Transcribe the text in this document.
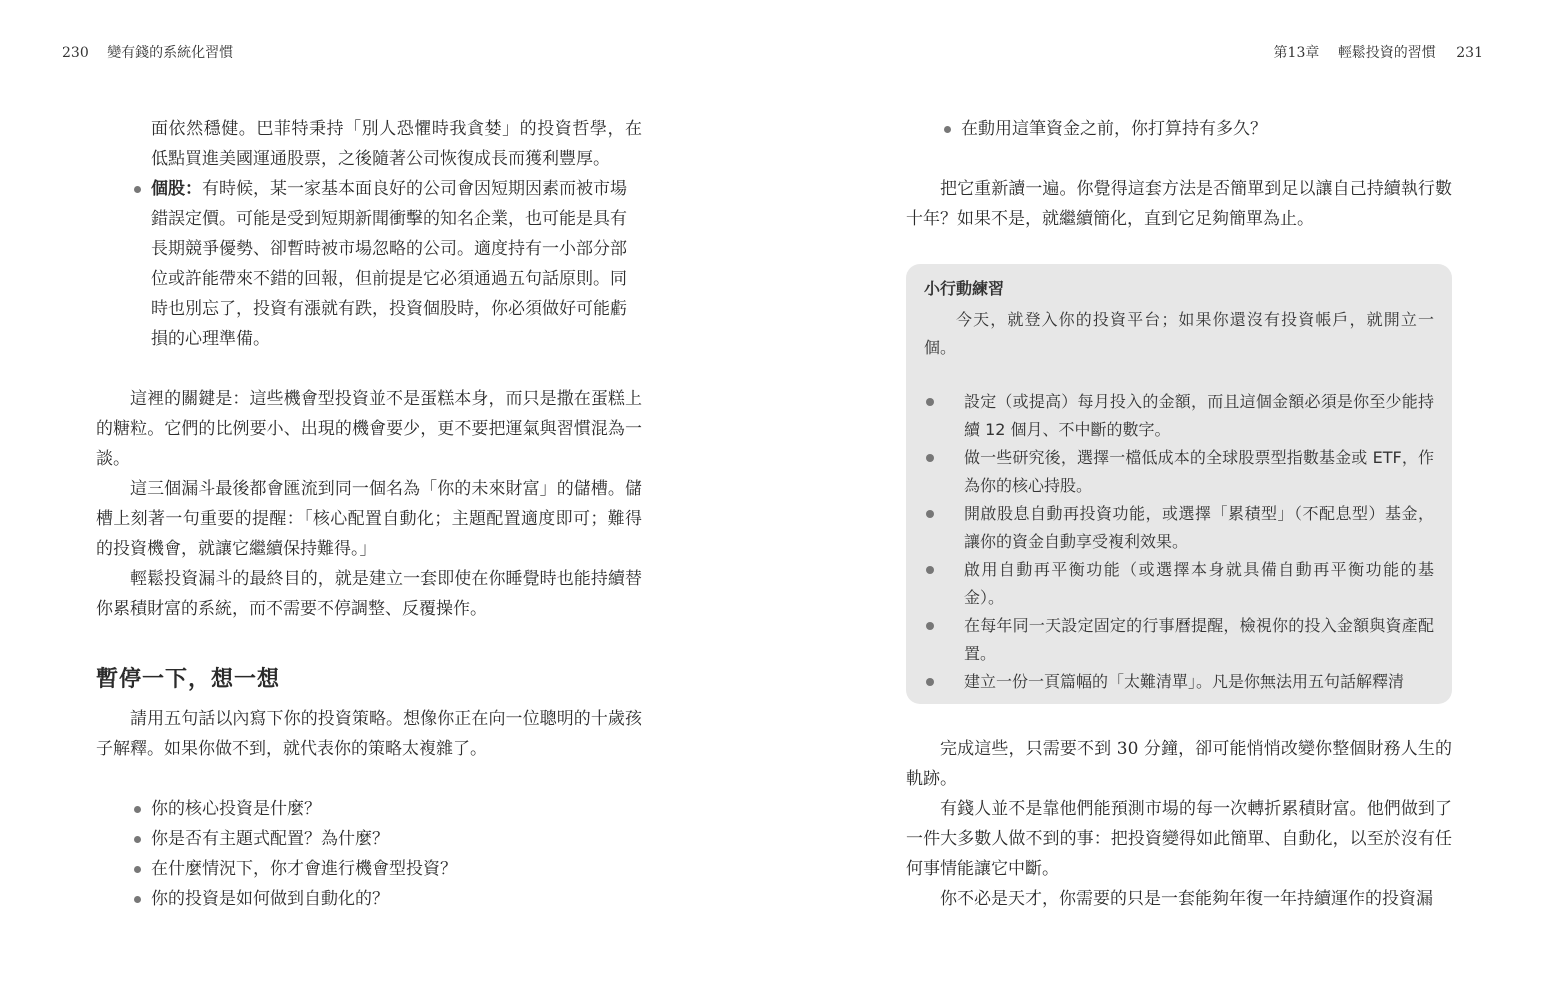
230 變有錢的系統化習慣

面依然穩健。巴菲特秉持「別人恐懼時我貪婪」的投資哲學，在低點買進美國運通股票，之後隨著公司恢復成長而獲利豐厚。

個股：有時候，某一家基本面良好的公司會因短期因素而被市場錯誤定價。可能是受到短期新聞衝擊的知名企業，也可能是具有長期競爭優勢、卻暫時被市場忽略的公司。適度持有一小部分部位或許能帶來不錯的回報，但前提是它必須通過五句話原則。同時也別忘了，投資有漲就有跌，投資個股時，你必須做好可能虧損的心理準備。

這裡的關鍵是：這些機會型投資並不是蛋糕本身，而只是撒在蛋糕上的糖粒。它們的比例要小、出現的機會要少，更不要把運氣與習慣混為一談。

這三個漏斗最後都會匯流到同一個名為「你的未來財富」的儲槽。儲槽上刻著一句重要的提醒：「核心配置自動化；主題配置適度即可；難得的投資機會，就讓它繼續保持難得。」

輕鬆投資漏斗的最終目的，就是建立一套即使在你睡覺時也能持續替你累積財富的系統，而不需要不停調整、反覆操作。

暫停一下，想一想

請用五句話以內寫下你的投資策略。想像你正在向一位聰明的十歲孩子解釋。如果你做不到，就代表你的策略太複雜了。

你的核心投資是什麼？
你是否有主題式配置？為什麼？
在什麼情況下，你才會進行機會型投資？
你的投資是如何做到自動化的？
第13章 輕鬆投資的習慣 231
在動用這筆資金之前，你打算持有多久？

把它重新讀一遍。你覺得這套方法是否簡單到足以讓自己持續執行數十年？如果不是，就繼續簡化，直到它足夠簡單為止。

小行動練習

今天，就登入你的投資平台；如果你還沒有投資帳戶，就開立一個。

設定（或提高）每月投入的金額，而且這個金額必須是你至少能持續 12 個月、不中斷的數字。
做一些研究後，選擇一檔低成本的全球股票型指數基金或 ETF，作為你的核心持股。
開啟股息自動再投資功能，或選擇「累積型」（不配息型）基金，讓你的資金自動享受複利效果。
啟用自動再平衡功能（或選擇本身就具備自動再平衡功能的基金）。
在每年同一天設定固定的行事曆提醒，檢視你的投入金額與資產配置。
建立一份一頁篇幅的「太難清單」。凡是你無法用五句話解釋清

完成這些，只需要不到 30 分鐘，卻可能悄悄改變你整個財務人生的軌跡。

有錢人並不是靠他們能預測市場的每一次轉折累積財富。他們做到了一件大多數人做不到的事：把投資變得如此簡單、自動化，以至於沒有任何事情能讓它中斷。

你不必是天才，你需要的只是一套能夠年復一年持續運作的投資漏
